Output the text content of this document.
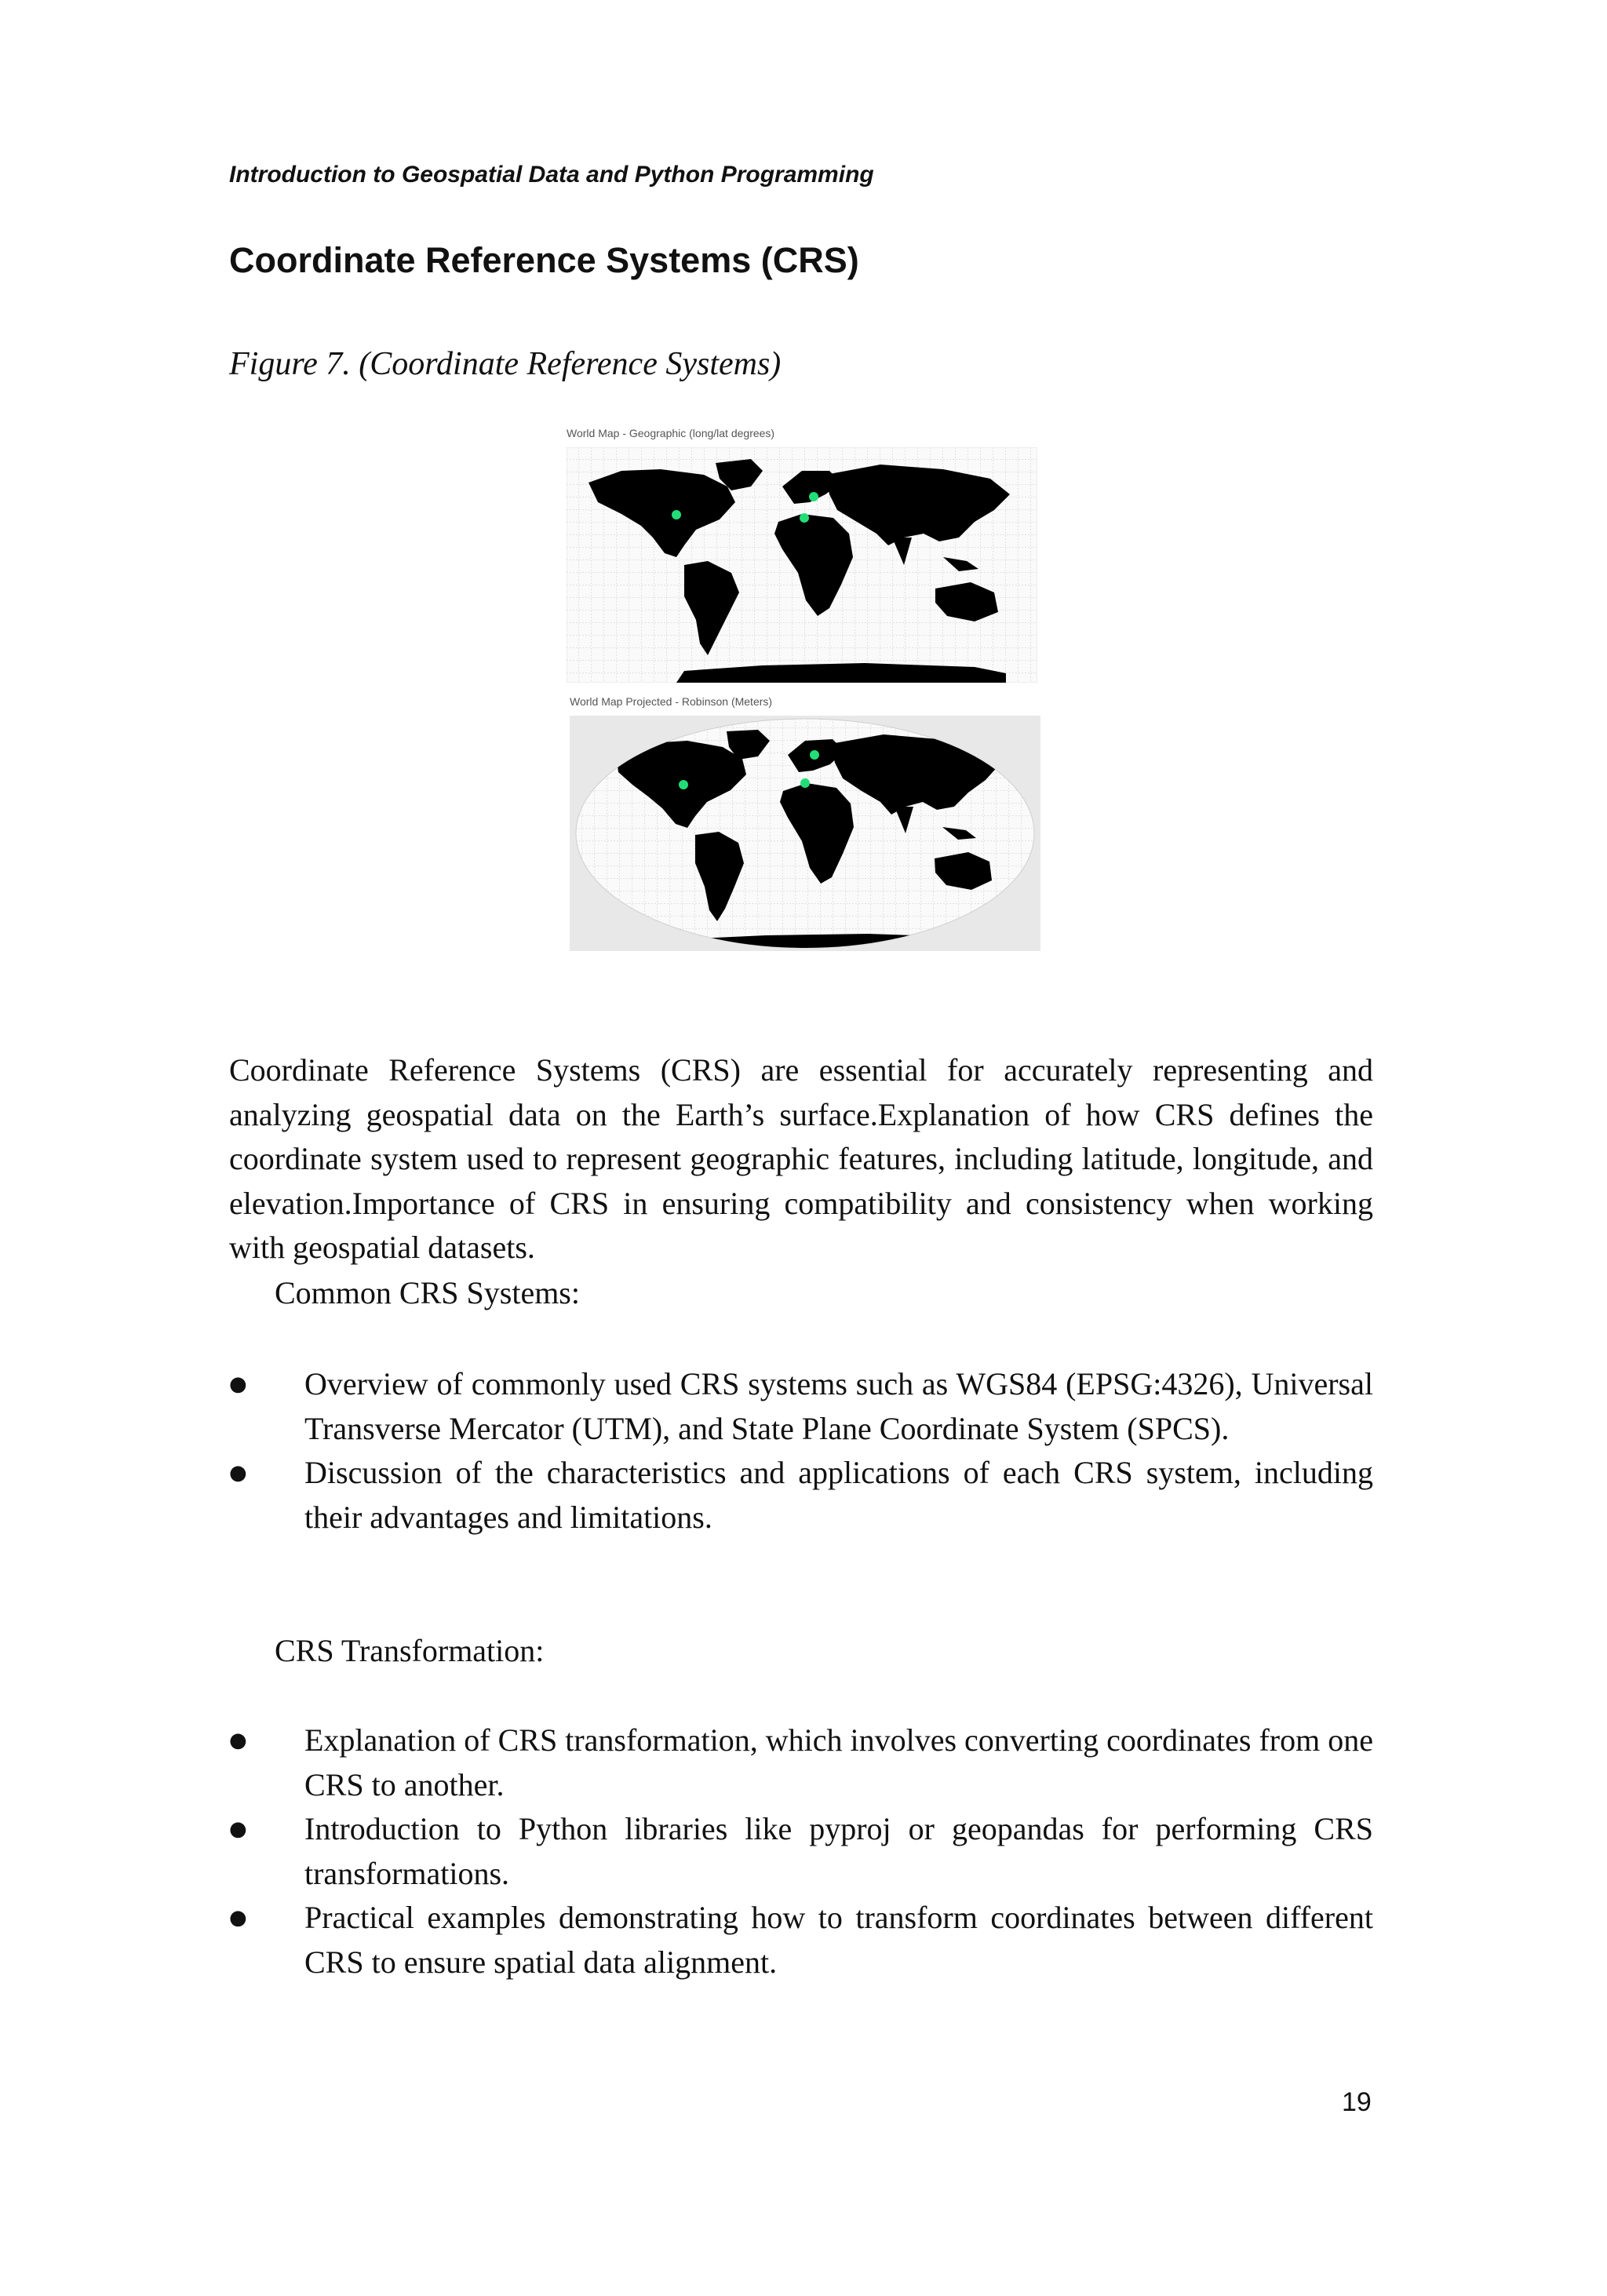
Introduction to Geospatial Data and Python Programming
Coordinate Reference Systems (CRS)
Figure 7. (Coordinate Reference Systems)
World Map - Geographic (long/lat degrees)
World Map Projected - Robinson (Meters)

Coordinate Reference Systems (CRS) are essential for accurately representing and analyzing geospatial data on the Earth’s surface.Explanation of how CRS defines the coordinate system used to represent geographic features, including latitude, longitude, and elevation.Importance of CRS in ensuring compatibility and consistency when working with geospatial datasets.

Common CRS Systems:
●	Overview of commonly used CRS systems such as WGS84 (EPSG:4326), Universal Transverse Mercator (UTM), and State Plane Coordinate System (SPCS).
●	Discussion of the characteristics and applications of each CRS system, including their advantages and limitations.
CRS Transformation:
●	Explanation of CRS transformation, which involves converting coordinates from one CRS to another.
●	Introduction to Python libraries like pyproj or geopandas for performing CRS transformations.
●	Practical examples demonstrating how to transform coordinates between different CRS to ensure spatial data alignment.
19
